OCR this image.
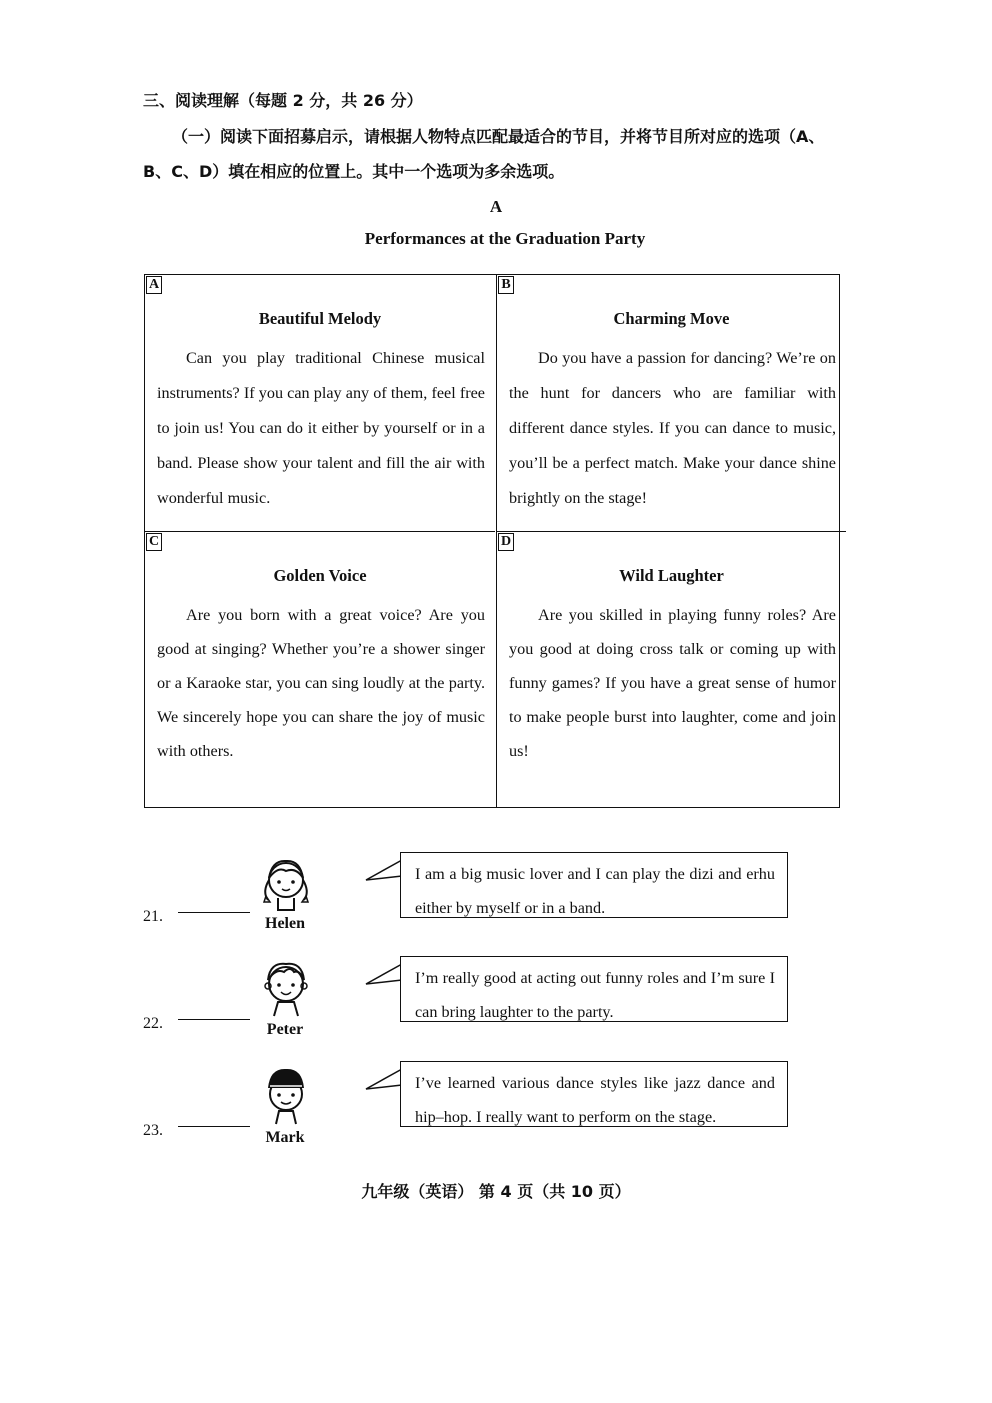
三、阅读理解（每题 2 分，共 26 分）
（一）阅读下面招募启示，请根据人物特点匹配最适合的节目，并将节目所对应的选项（A、
B、C、D）填在相应的位置上。其中一个选项为多余选项。
A
Performances at the Graduation Party
A
Beautiful Melody
Can you play traditional Chinese musical instruments? If you can play any of them, feel free to join us! You can do it either by yourself or in a band. Please show your talent and fill the air with wonderful music.
B
Charming Move
Do you have a passion for dancing? We’re on the hunt for dancers who are familiar with different dance styles. If you can dance to music, you’ll be a perfect match. Make your dance shine brightly on the stage!
C
Golden Voice
Are you born with a great voice? Are you good at singing? Whether you’re a shower singer or a Karaoke star, you can sing loudly at the party. We sincerely hope you can share the joy of music with others.
D
Wild Laughter
Are you skilled in playing funny roles? Are you good at doing cross talk or coming up with funny games? If you have a great sense of humor to make people burst into laughter, come and join us!
21.	Helen
I am a big music lover and I can play the dizi and erhu either by myself or in a band.
22.	Peter
I’m really good at acting out funny roles and I’m sure I can bring laughter to the party.
23.	Mark
I’ve learned various dance styles like jazz dance and hip–hop. I really want to perform on the stage.
九年级（英语） 第 4 页（共 10 页）
